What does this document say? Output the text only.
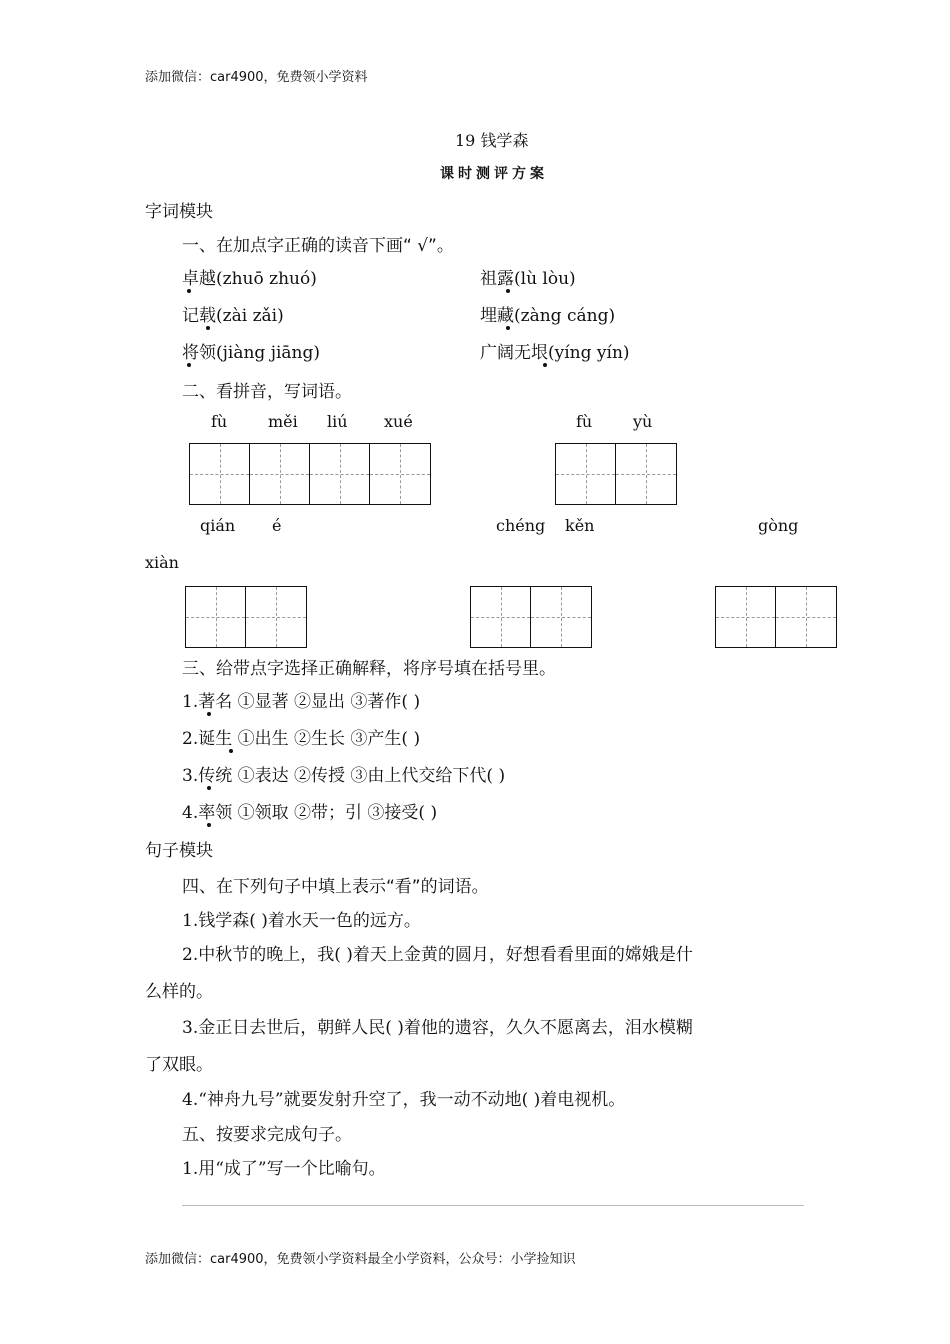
添加微信：car4900，免费领小学资料
19 钱学森
课时测评方案
字词模块
一、在加点字正确的读音下画“ √”。
卓越(zhuō zhuó)	祖露(lù lòu)
记载(zài zǎi)	埋藏(zàng cáng)
将领(jiàng jiāng)	广阔无垠(yíng yín)
二、看拼音，写词语。
fù	měi liú xué	fù	yù
qián é	chéng kěn	gòng
xiàn
三、给带点字选择正确解释，将序号填在括号里。
1.著名 ①显著 ②显出 ③著作( )
2.诞生 ①出生 ②生长 ③产生( )
3.传统 ①表达 ②传授 ③由上代交给下代( )
4.率领 ①领取 ②带；引 ③接受( )
句子模块
四、在下列句子中填上表示“看”的词语。
1.钱学森( )着水天一色的远方。
2.中秋节的晚上，我( )着天上金黄的圆月，好想看看里面的嫦娥是什
么样的。
3.金正日去世后，朝鲜人民( )着他的遗容，久久不愿离去，泪水模糊
了双眼。
4.“神舟九号”就要发射升空了，我一动不动地( )着电视机。
五、按要求完成句子。
1.用“成了”写一个比喻句。
添加微信：car4900，免费领小学资料最全小学资料，公众号：小学捡知识
